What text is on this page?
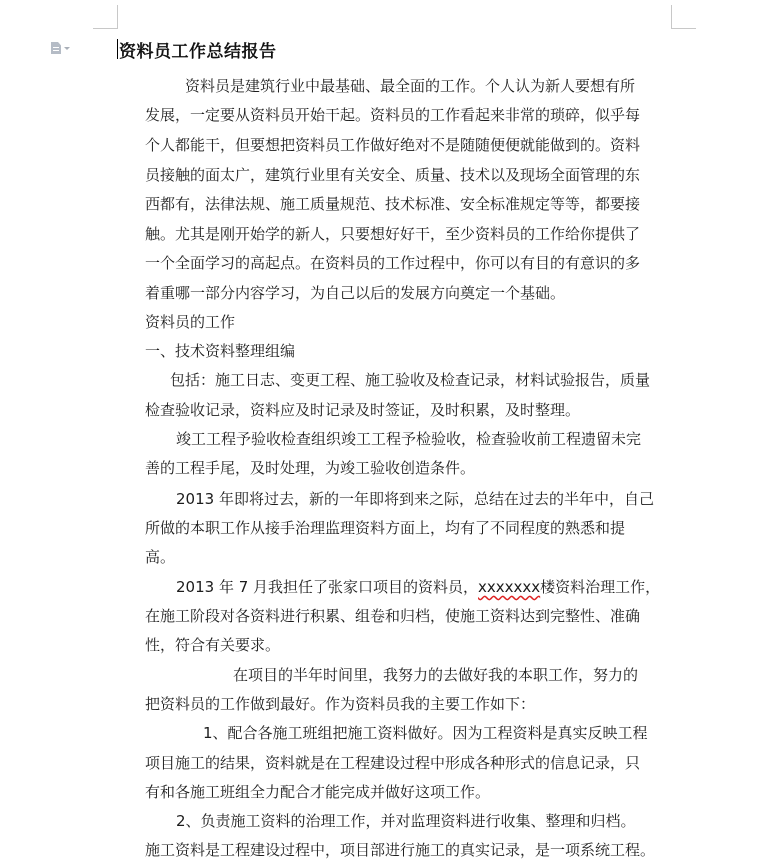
资料员工作总结报告
资料员是建筑行业中最基础、最全面的工作。个人认为新人要想有所
发展，一定要从资料员开始干起。资料员的工作看起来非常的琐碎，似乎每
个人都能干，但要想把资料员工作做好绝对不是随随便便就能做到的。资料
员接触的面太广，建筑行业里有关安全、质量、技术以及现场全面管理的东
西都有，法律法规、施工质量规范、技术标准、安全标准规定等等，都要接
触。尤其是刚开始学的新人，只要想好好干，至少资料员的工作给你提供了
一个全面学习的高起点。在资料员的工作过程中，你可以有目的有意识的多
着重哪一部分内容学习，为自己以后的发展方向奠定一个基础。
资料员的工作
一、技术资料整理组编
包括：施工日志、变更工程、施工验收及检查记录，材料试验报告，质量
检查验收记录，资料应及时记录及时签证，及时积累，及时整理。
竣工工程予验收检查组织竣工工程予检验收，检查验收前工程遗留未完
善的工程手尾，及时处理，为竣工验收创造条件。
2013 年即将过去，新的一年即将到来之际，总结在过去的半年中，自己
所做的本职工作从接手治理监理资料方面上，均有了不同程度的熟悉和提
高。
2013 年 7 月我担任了张家口项目的资料员，xxxxxxx楼资料治理工作，
在施工阶段对各资料进行积累、组卷和归档，使施工资料达到完整性、准确
性，符合有关要求。
在项目的半年时间里，我努力的去做好我的本职工作，努力的
把资料员的工作做到最好。作为资料员我的主要工作如下：
1、配合各施工班组把施工资料做好。因为工程资料是真实反映工程
项目施工的结果，资料就是在工程建设过程中形成各种形式的信息记录，只
有和各施工班组全力配合才能完成并做好这项工作。
2、负责施工资料的治理工作，并对监理资料进行收集、整理和归档。
施工资料是工程建设过程中，项目部进行施工的真实记录，是一项系统工程。
